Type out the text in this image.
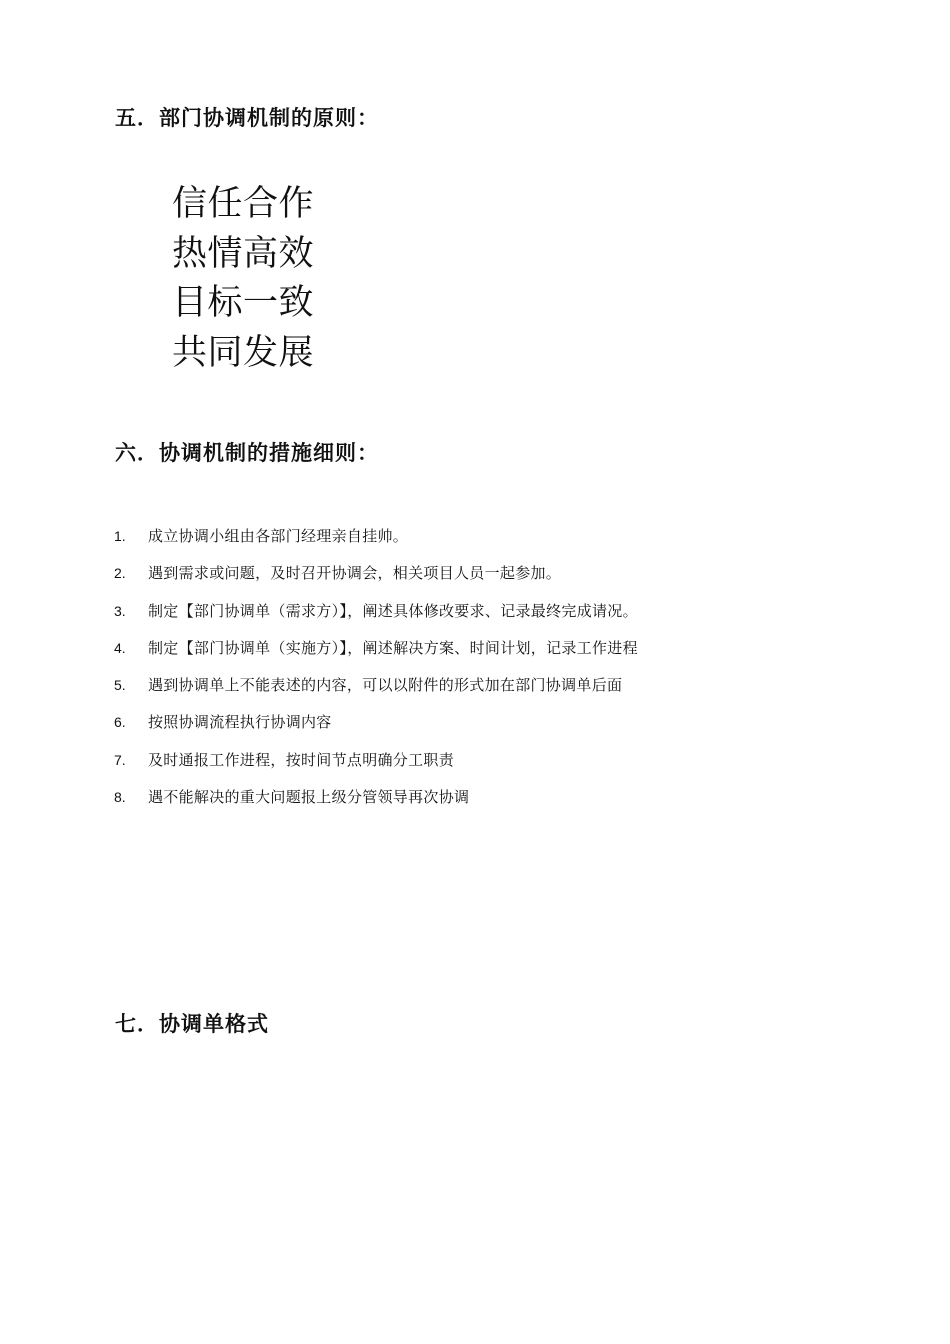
五．部门协调机制的原则：
信任合作
热情高效
目标一致
共同发展
六．协调机制的措施细则：
1.	成立协调小组由各部门经理亲自挂帅。
2.	遇到需求或问题，及时召开协调会，相关项目人员一起参加。
3.	制定【部门协调单（需求方）】，阐述具体修改要求、记录最终完成请况。
4.	制定【部门协调单（实施方）】，阐述解决方案、时间计划，记录工作进程
5.	遇到协调单上不能表述的内容，可以以附件的形式加在部门协调单后面
6.	按照协调流程执行协调内容
7.	及时通报工作进程，按时间节点明确分工职责
8.	遇不能解决的重大问题报上级分管领导再次协调
七．协调单格式
